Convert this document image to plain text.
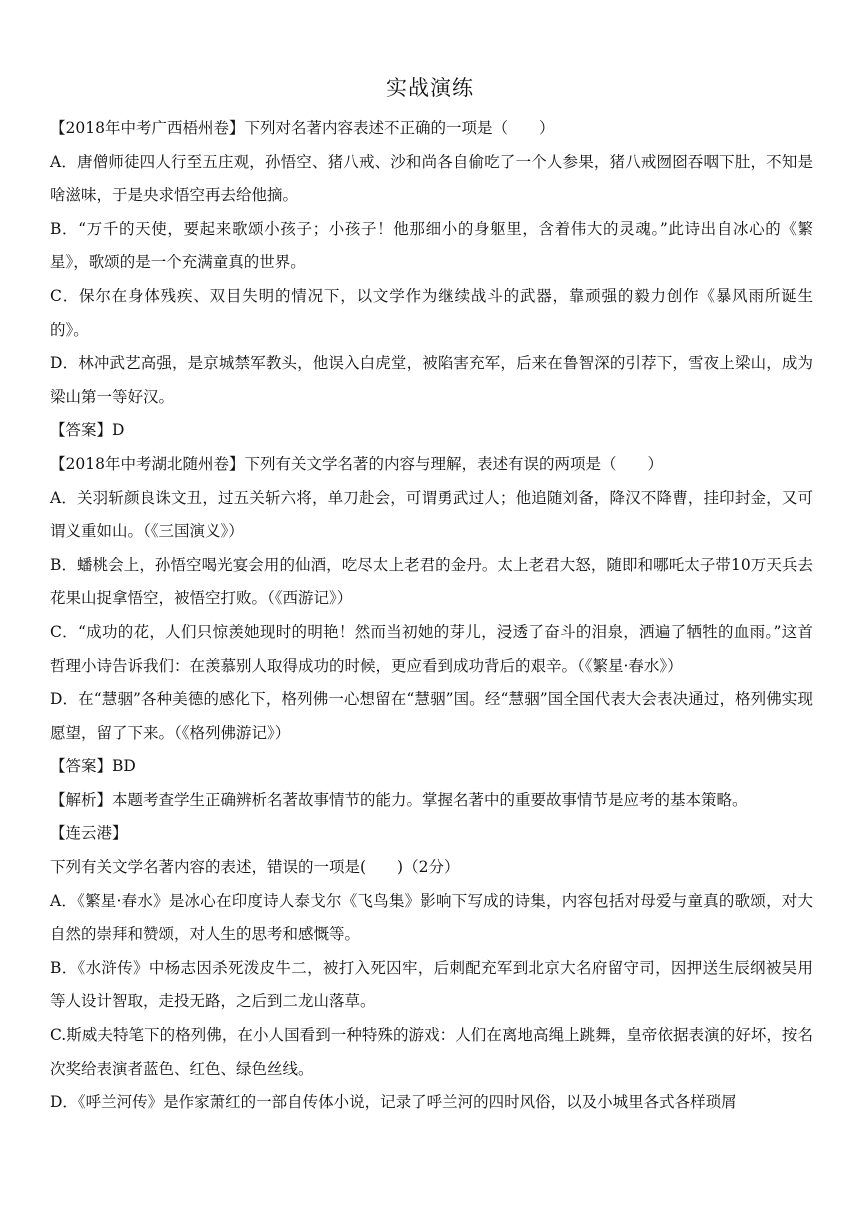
实战演练

【2018年中考广西梧州卷】下列对名著内容表述不正确的一项是（　　）

A．唐僧师徒四人行至五庄观，孙悟空、猪八戒、沙和尚各自偷吃了一个人参果，猪八戒囫囵吞咽下肚，不知是啥滋味，于是央求悟空再去给他摘。

B．“万千的天使，要起来歌颂小孩子；小孩子！他那细小的身躯里，含着伟大的灵魂。”此诗出自冰心的《繁星》，歌颂的是一个充满童真的世界。

C．保尔在身体残疾、双目失明的情况下，以文学作为继续战斗的武器，靠顽强的毅力创作《暴风雨所诞生的》。

D．林冲武艺高强，是京城禁军教头，他误入白虎堂，被陷害充军，后来在鲁智深的引荐下，雪夜上梁山，成为梁山第一等好汉。

【答案】D

【2018年中考湖北随州卷】下列有关文学名著的内容与理解，表述有误的两项是（　　）

A．关羽斩颜良诛文丑，过五关斩六将，单刀赴会，可谓勇武过人；他追随刘备，降汉不降曹，挂印封金，又可谓义重如山。（《三国演义》）

B．蟠桃会上，孙悟空喝光宴会用的仙酒，吃尽太上老君的金丹。太上老君大怒，随即和哪吒太子带10万天兵去花果山捉拿悟空，被悟空打败。（《西游记》）

C．“成功的花，人们只惊羡她现时的明艳！然而当初她的芽儿，浸透了奋斗的泪泉，洒遍了牺牲的血雨。”这首哲理小诗告诉我们：在羡慕别人取得成功的时候，更应看到成功背后的艰辛。（《繁星·春水》）

D．在“慧骃”各种美德的感化下，格列佛一心想留在“慧骃”国。经“慧骃”国全国代表大会表决通过，格列佛实现愿望，留了下来。（《格列佛游记》）

【答案】BD

【解析】本题考查学生正确辨析名著故事情节的能力。掌握名著中的重要故事情节是应考的基本策略。

【连云港】

下列有关文学名著内容的表述，错误的一项是(　　)（2分）

A．《繁星·春水》是冰心在印度诗人泰戈尔《飞鸟集》影响下写成的诗集，内容包括对母爱与童真的歌颂，对大自然的崇拜和赞颂，对人生的思考和感慨等。

B．《水浒传》中杨志因杀死泼皮牛二，被打入死囚牢，后刺配充军到北京大名府留守司，因押送生辰纲被吴用等人设计智取，走投无路，之后到二龙山落草。

C.斯威夫特笔下的格列佛，在小人国看到一种特殊的游戏：人们在离地高绳上跳舞，皇帝依据表演的好坏，按名次奖给表演者蓝色、红色、绿色丝线。

D．《呼兰河传》是作家萧红的一部自传体小说，记录了呼兰河的四时风俗，以及小城里各式各样琐屑
